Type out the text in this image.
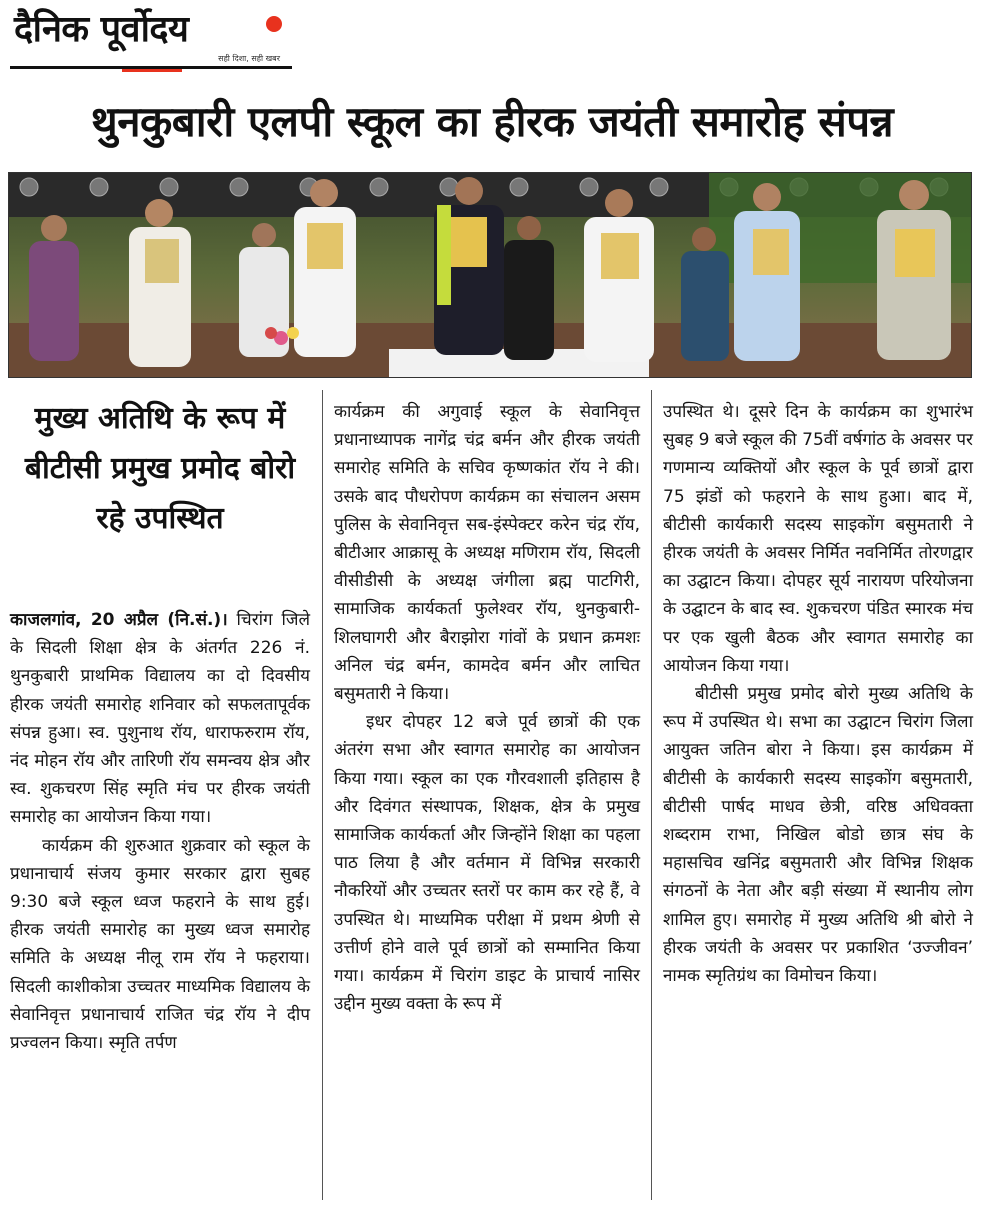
दैनिक पूर्वोदय
सही दिशा, सही खबर
थुनकुबारी एलपी स्कूल का हीरक जयंती समारोह संपन्न
मुख्य अतिथि के रूप में बीटीसी प्रमुख प्रमोद बोरो रहे उपस्थित

काजलगांव, 20 अप्रैल (नि.सं.)। चिरांग जिले के सिदली शिक्षा क्षेत्र के अंतर्गत 226 नं. थुनकुबारी प्राथमिक विद्यालय का दो दिवसीय हीरक जयंती समारोह शनिवार को सफलतापूर्वक संपन्न हुआ। स्व. पुशुनाथ रॉय, धाराफरुराम रॉय, नंद मोहन रॉय और तारिणी रॉय समन्वय क्षेत्र और स्व. शुकचरण सिंह स्मृति मंच पर हीरक जयंती समारोह का आयोजन किया गया।

कार्यक्रम की शुरुआत शुक्रवार को स्कूल के प्रधानाचार्य संजय कुमार सरकार द्वारा सुबह 9:30 बजे स्कूल ध्वज फहराने के साथ हुई। हीरक जयंती समारोह का मुख्य ध्वज समारोह समिति के अध्यक्ष नीलू राम रॉय ने फहराया। सिदली काशीकोत्रा उच्चतर माध्यमिक विद्यालय के सेवानिवृत्त प्रधानाचार्य राजित चंद्र रॉय ने दीप प्रज्वलन किया। स्मृति तर्पण

कार्यक्रम की अगुवाई स्कूल के सेवानिवृत्त प्रधानाध्यापक नागेंद्र चंद्र बर्मन और हीरक जयंती समारोह समिति के सचिव कृष्णकांत रॉय ने की। उसके बाद पौधरोपण कार्यक्रम का संचालन असम पुलिस के सेवानिवृत्त सब-इंस्पेक्टर करेन चंद्र रॉय, बीटीआर आक्रासू के अध्यक्ष मणिराम रॉय, सिदली वीसीडीसी के अध्यक्ष जंगीला ब्रह्म पाटगिरी, सामाजिक कार्यकर्ता फुलेश्वर रॉय, थुनकुबारी-शिलघागरी और बैराझोरा गांवों के प्रधान क्रमशः अनिल चंद्र बर्मन, कामदेव बर्मन और लाचित बसुमतारी ने किया।

इधर दोपहर 12 बजे पूर्व छात्रों की एक अंतरंग सभा और स्वागत समारोह का आयोजन किया गया। स्कूल का एक गौरवशाली इतिहास है और दिवंगत संस्थापक, शिक्षक, क्षेत्र के प्रमुख सामाजिक कार्यकर्ता और जिन्होंने शिक्षा का पहला पाठ लिया है और वर्तमान में विभिन्न सरकारी नौकरियों और उच्चतर स्तरों पर काम कर रहे हैं, वे उपस्थित थे। माध्यमिक परीक्षा में प्रथम श्रेणी से उत्तीर्ण होने वाले पूर्व छात्रों को सम्मानित किया गया। कार्यक्रम में चिरांग डाइट के प्राचार्य नासिर उद्दीन मुख्य वक्ता के रूप में

उपस्थित थे। दूसरे दिन के कार्यक्रम का शुभारंभ सुबह 9 बजे स्कूल की 75वीं वर्षगांठ के अवसर पर गणमान्य व्यक्तियों और स्कूल के पूर्व छात्रों द्वारा 75 झंडों को फहराने के साथ हुआ। बाद में, बीटीसी कार्यकारी सदस्य साइकोंग बसुमतारी ने हीरक जयंती के अवसर निर्मित नवनिर्मित तोरणद्वार का उद्घाटन किया। दोपहर सूर्य नारायण परियोजना के उद्घाटन के बाद स्व. शुकचरण पंडित स्मारक मंच पर एक खुली बैठक और स्वागत समारोह का आयोजन किया गया।

बीटीसी प्रमुख प्रमोद बोरो मुख्य अतिथि के रूप में उपस्थित थे। सभा का उद्घाटन चिरांग जिला आयुक्त जतिन बोरा ने किया। इस कार्यक्रम में बीटीसी के कार्यकारी सदस्य साइकोंग बसुमतारी, बीटीसी पार्षद माधव छेत्री, वरिष्ठ अधिवक्ता शब्दराम राभा, निखिल बोडो छात्र संघ के महासचिव खनिंद्र बसुमतारी और विभिन्न शिक्षक संगठनों के नेता और बड़ी संख्या में स्थानीय लोग शामिल हुए। समारोह में मुख्य अतिथि श्री बोरो ने हीरक जयंती के अवसर पर प्रकाशित ‘उज्जीवन’ नामक स्मृतिग्रंथ का विमोचन किया।
